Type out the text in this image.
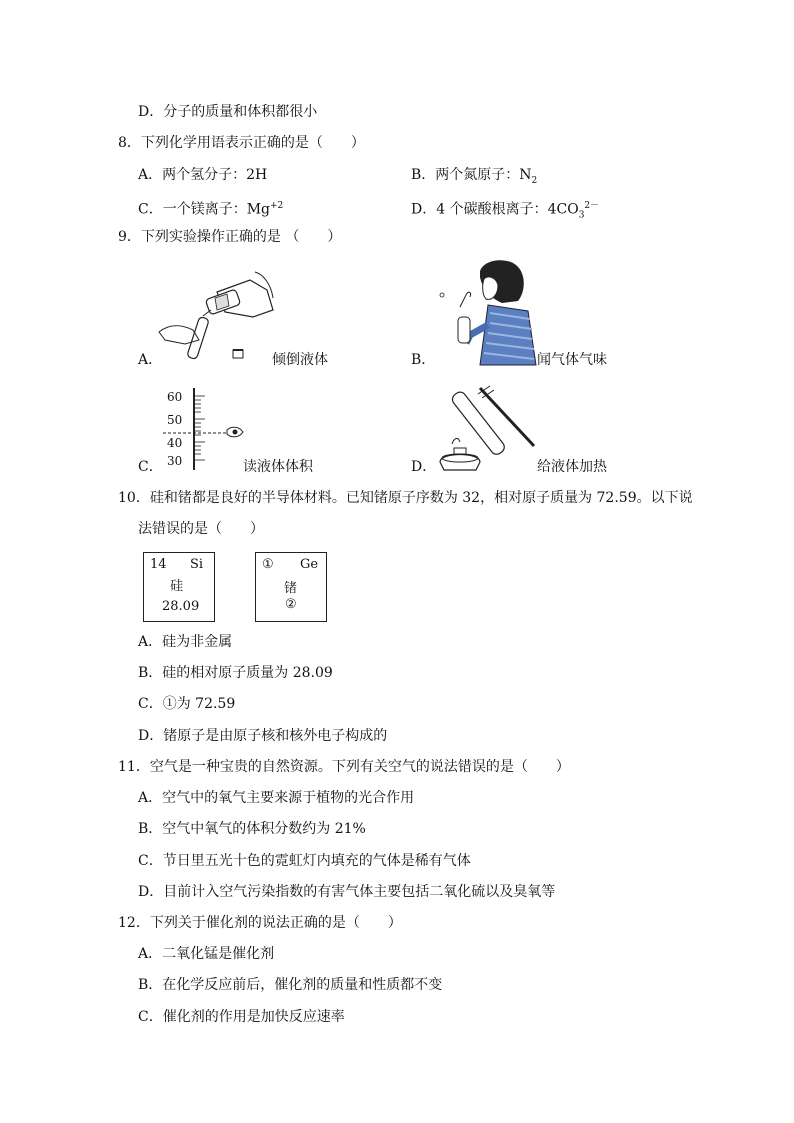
D．分子的质量和体积都很小
8．下列化学用语表示正确的是（　　）
A．两个氢分子：2H	B．两个氮原子：$N_2$
C．一个镁离子：$Mg^{+2}$	D．4 个碳酸根离子：$4CO_3^{2-}$
9．下列实验操作正确的是 （　　）
A．	倾倒液体	B．	闻气体气味
60
50
40
30
C．	读液体体积	D．	给液体加热
10．硅和锗都是良好的半导体材料。已知锗原子序数为 32，相对原子质量为 72.59。以下说
法错误的是（　　）
14 Si
硅
28.09
① Ge
锗
②
A．硅为非金属
B．硅的相对原子质量为 28.09
C．①为 72.59
D．锗原子是由原子核和核外电子构成的
11．空气是一种宝贵的自然资源。下列有关空气的说法错误的是（　　）
A．空气中的氧气主要来源于植物的光合作用
B．空气中氧气的体积分数约为 21%
C．节日里五光十色的霓虹灯内填充的气体是稀有气体
D．目前计入空气污染指数的有害气体主要包括二氧化硫以及臭氧等
12．下列关于催化剂的说法正确的是（　　）
A．二氧化锰是催化剂
B．在化学反应前后，催化剂的质量和性质都不变
C．催化剂的作用是加快反应速率
